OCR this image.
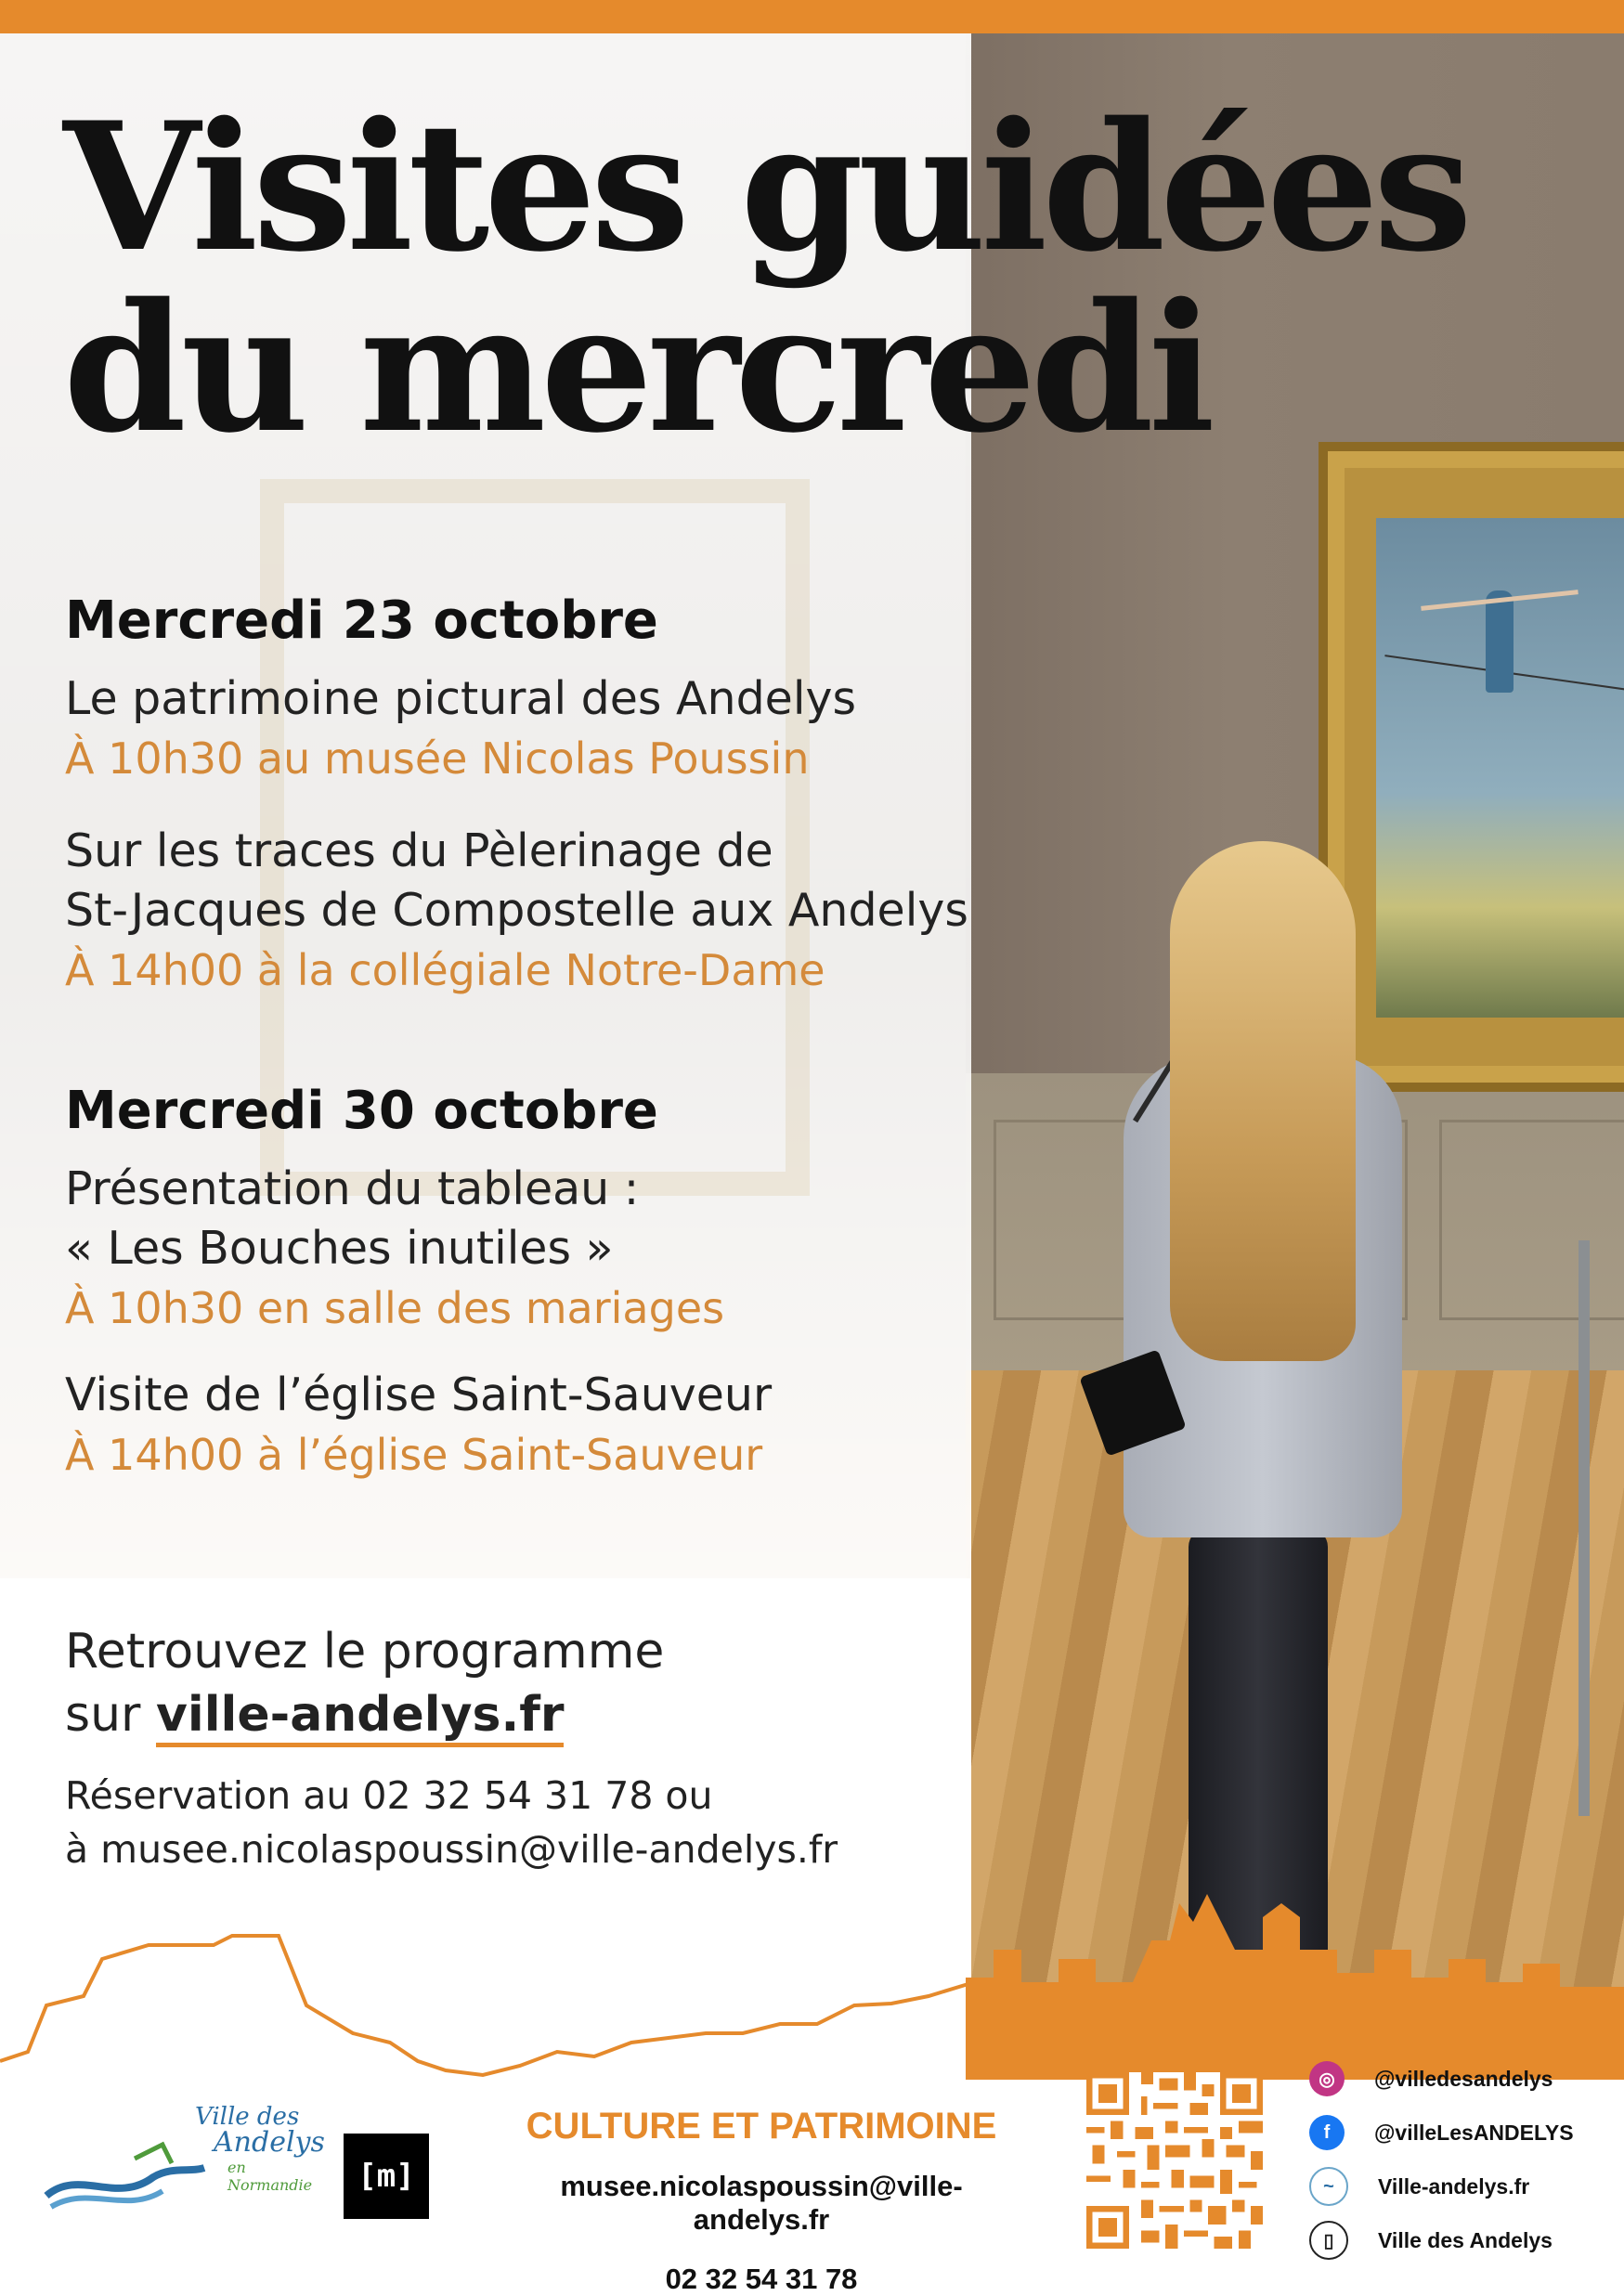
Visites guidées
du mercredi
Mercredi 23 octobre
Le patrimoine pictural des Andelys
À 10h30 au musée Nicolas Poussin
Sur les traces du Pèlerinage de
St-Jacques de Compostelle aux Andelys
À 14h00 à la collégiale Notre-Dame
Mercredi 30 octobre
Présentation du tableau :
« Les Bouches inutiles »
À 10h30 en salle des mariages
Visite de l’église Saint-Sauveur
À 14h00 à l’église Saint-Sauveur
Retrouvez le programme
sur ville-andelys.fr
Réservation au 02 32 54 31 78 ou
à musee.nicolaspoussin@ville-andelys.fr
Ville des
Andelys
en Normandie	[m]
CULTURE ET PATRIMOINE
musee.nicolaspoussin@ville-andelys.fr
02 32 54 31 78
◎	@villedesandelys
f	@villeLesANDELYS
~	Ville-andelys.fr
▯	Ville des Andelys
